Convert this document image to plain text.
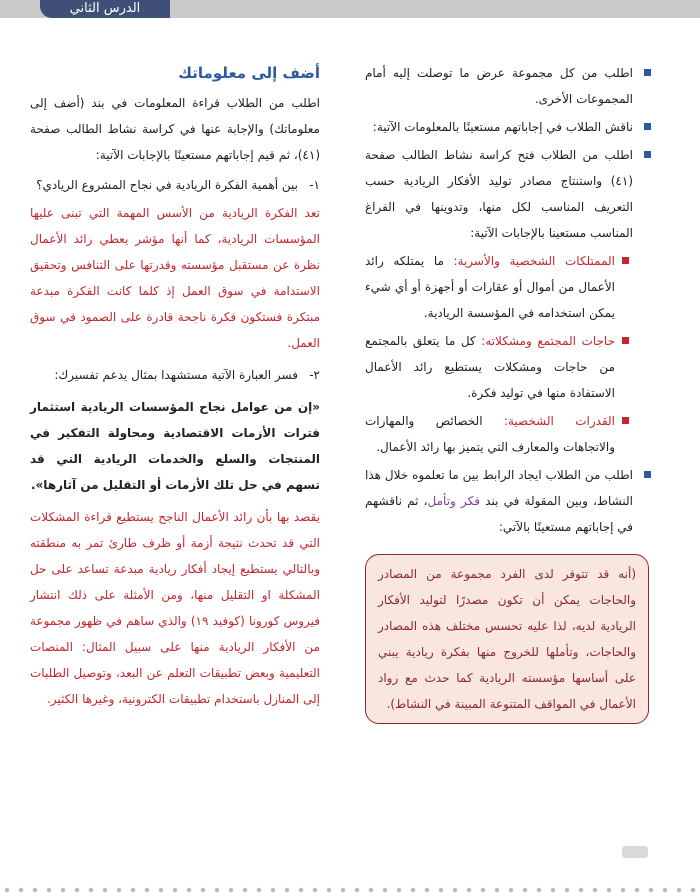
الدرس الثاني
اطلب من كل مجموعة عرض ما توصلت إليه أمام المجموعات الأخرى.
ناقش الطلاب في إجاباتهم مستعينًا بالمعلومات الآتية:
اطلب من الطلاب فتح كراسة نشاط الطالب صفحة (٤١) واستنتاج مصادر توليد الأفكار الريادية حسب التعريف المناسب لكل منها، وتدوينها في الفراغ المناسب مستعينا بالإجابات الآتية:
الممتلكات الشخصية والأسرية: ما يمتلكه رائد الأعمال من أموال أو عقارات أو أجهزة أو أي شيء يمكن استخدامه في المؤسسة الريادية.
حاجات المجتمع ومشكلاته: كل ما يتعلق بالمجتمع من حاجات ومشكلات يستطيع رائد الأعمال الاستفادة منها في توليد فكرة.
القدرات الشخصية: الخصائص والمهارات والاتجاهات والمعارف التي يتميز بها رائد الأعمال.
اطلب من الطلاب ايجاد الرابط بين ما تعلموه خلال هذا النشاط، وبين المقولة في بند فكر وتأمل، ثم ناقشهم في إجاباتهم مستعينًا بالآتي:
(أنه قد تتوفر لدى الفرد مجموعة من المصادر والحاجات يمكن أن تكون مصدرًا لتوليد الأفكار الريادية لديه، لذا عليه تحسس مختلف هذه المصادر والحاجات، وتأملها للخروج منها بفكرة ريادية يبني على أساسها مؤسسته الريادية كما حدث مع رواد الأعمال في المواقف المتنوعة المبينة في النشاط).
أضف إلى معلوماتك

اطلب من الطلاب قراءة المعلومات في بند (أضف إلى معلوماتك) والإجابة عنها في كراسة نشاط الطالب صفحة (٤١)، ثم قيم إجاباتهم مستعينًا بالإجابات الآتية:

١-
بين أهمية الفكرة الريادية في نجاح المشروع الريادي؟

تعد الفكرة الريادية من الأسس المهمة التي تبنى عليها المؤسسات الريادية، كما أنها مؤشر يعطي رائد الأعمال نظرة عن مستقبل مؤسسته وقدرتها على التنافس وتحقيق الاستدامة في سوق العمل إذ كلما كانت الفكرة مبدعة مبتكرة فستكون فكرة ناجحة قادرة على الصمود في سوق العمل.

٢-
فسر العبارة الآتية مستشهدا بمثال يدعم تفسيرك:

«إن من عوامل نجاح المؤسسات الريادية استثمار فترات الأزمات الاقتصادية ومحاولة التفكير في المنتجات والسلع والخدمات الريادية التي قد تسهم في حل تلك الأزمات أو التقليل من آثارها».

يقصد بها بأن رائد الأعمال الناجح يستطيع قراءة المشكلات التي قد تحدث نتيجة أزمة أو ظرف طارئ تمر به منطقته وبالتالي يستطيع إيجاد أفكار ريادية مبدعة تساعد على حل المشكلة او التقليل منها، ومن الأمثلة على ذلك انتشار فيروس كورونا (كوفيد ١٩) والذي ساهم في ظهور مجموعة من الأفكار الريادية منها على سبيل المثال: المنصات التعليمية وبعض تطبيقات التعلم عن البعد، وتوصيل الطلبات إلى المنازل باستخدام تطبيقات الكترونية، وغيرها الكثير.
